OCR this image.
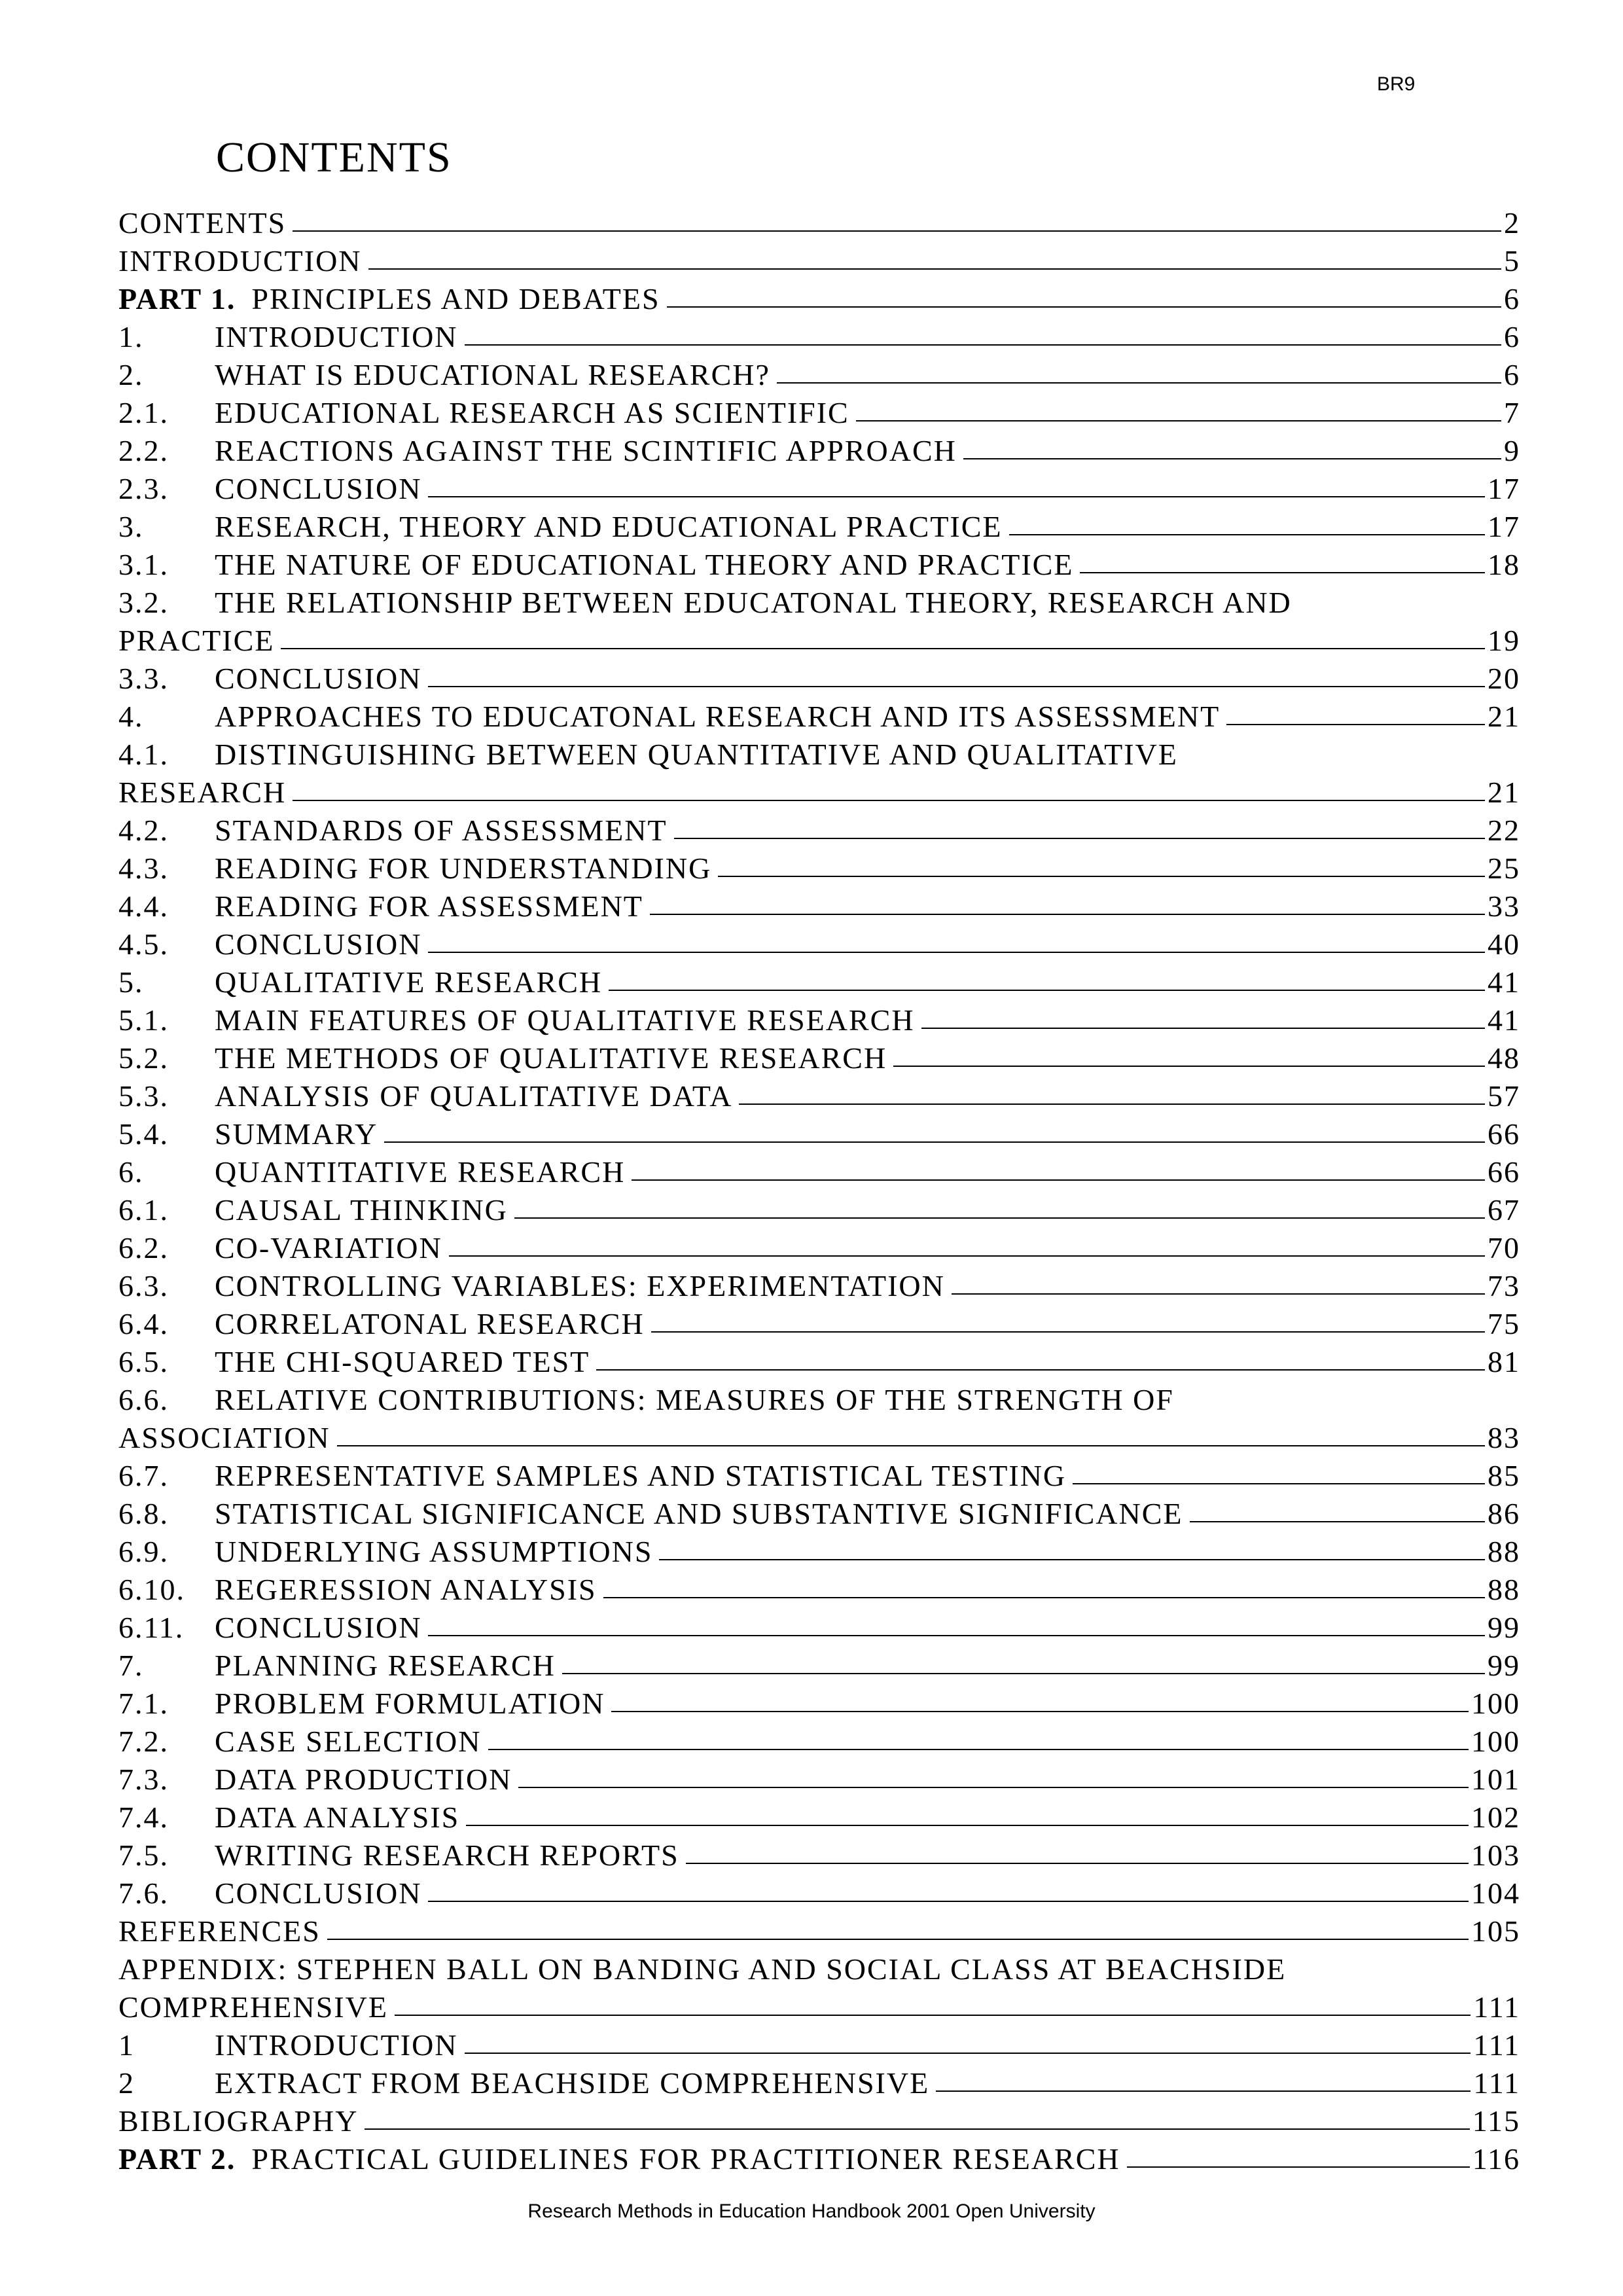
BR9
CONTENTS
CONTENTS	2
INTRODUCTION	5
PART 1. PRINCIPLES AND DEBATES	6
1.	INTRODUCTION	6
2.	WHAT IS EDUCATIONAL RESEARCH?	6
2.1.	EDUCATIONAL RESEARCH AS SCIENTIFIC	7
2.2.	REACTIONS AGAINST THE SCINTIFIC APPROACH	9
2.3.	CONCLUSION	17
3.	RESEARCH, THEORY AND EDUCATIONAL PRACTICE	17
3.1.	THE NATURE OF EDUCATIONAL THEORY AND PRACTICE	18
3.2.	THE RELATIONSHIP BETWEEN EDUCATONAL THEORY, RESEARCH AND
PRACTICE	19
3.3.	CONCLUSION	20
4.	APPROACHES TO EDUCATONAL RESEARCH AND ITS ASSESSMENT	21
4.1.	DISTINGUISHING BETWEEN QUANTITATIVE AND QUALITATIVE
RESEARCH	21
4.2.	STANDARDS OF ASSESSMENT	22
4.3.	READING FOR UNDERSTANDING	25
4.4.	READING FOR ASSESSMENT	33
4.5.	CONCLUSION	40
5.	QUALITATIVE RESEARCH	41
5.1.	MAIN FEATURES OF QUALITATIVE RESEARCH	41
5.2.	THE METHODS OF QUALITATIVE RESEARCH	48
5.3.	ANALYSIS OF QUALITATIVE DATA	57
5.4.	SUMMARY	66
6.	QUANTITATIVE RESEARCH	66
6.1.	CAUSAL THINKING	67
6.2.	CO-VARIATION	70
6.3.	CONTROLLING VARIABLES: EXPERIMENTATION	73
6.4.	CORRELATONAL RESEARCH	75
6.5.	THE CHI-SQUARED TEST	81
6.6.	RELATIVE CONTRIBUTIONS: MEASURES OF THE STRENGTH OF
ASSOCIATION	83
6.7.	REPRESENTATIVE SAMPLES AND STATISTICAL TESTING	85
6.8.	STATISTICAL SIGNIFICANCE AND SUBSTANTIVE SIGNIFICANCE	86
6.9.	UNDERLYING ASSUMPTIONS	88
6.10. REGERESSION ANALYSIS	88
6.11.	CONCLUSION	99
7.	PLANNING RESEARCH	99
7.1.	PROBLEM FORMULATION	100
7.2.	CASE SELECTION	100
7.3.	DATA PRODUCTION	101
7.4.	DATA ANALYSIS	102
7.5.	WRITING RESEARCH REPORTS	103
7.6.	CONCLUSION	104
REFERENCES	105
APPENDIX: STEPHEN BALL ON BANDING AND SOCIAL CLASS AT BEACHSIDE
COMPREHENSIVE	111
1	INTRODUCTION	111
2	EXTRACT FROM BEACHSIDE COMPREHENSIVE	111
BIBLIOGRAPHY	115
PART 2. PRACTICAL GUIDELINES FOR PRACTITIONER RESEARCH	116
Research Methods in Education Handbook 2001 Open University
